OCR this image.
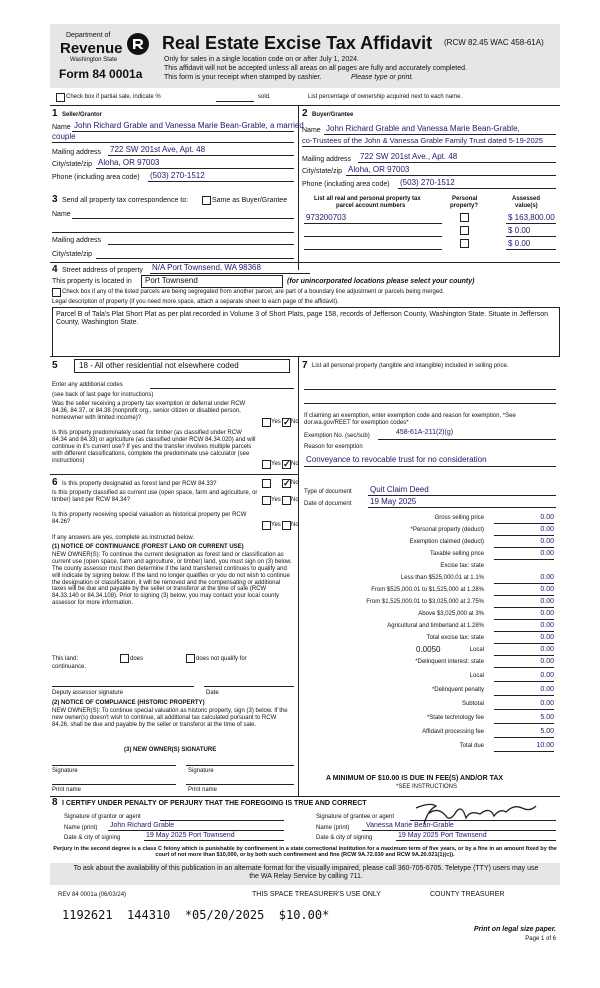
Department of
Revenue
Washington State
Form 84 0001a
Real Estate Excise Tax Affidavit (RCW 82.45 WAC 458-61A)
Only for sales in a single location code on or after July 1, 2024.
This affidavit will not be accepted unless all areas on all pages are fully and accurately completed.
This form is your receipt when stamped by cashier.	Please type or print.
Check box if partial sale, indicate %	sold.	List percentage of ownership acquired next to each name.
1 Seller/Grantor
Name John Richard Grable and Vanessa Marie Bean-Grable, a married
couple
Mailing address 722 SW 201st Ave, Apt. 48
City/state/zip Aloha, OR 97003
Phone (including area code) (503) 270-1512
2 Buyer/Grantee
Name John Richard Grable and Vanessa Marie Bean-Grable,
co-Trustees of the John & Vanessa Grable Family Trust dated 5-19-2025
Mailing address 722 SW 201st Ave., Apt. 48
City/state/zip Aloha, OR 97003
Phone (including area code) (503) 270-1512
3 Send all property tax correspondence to:	Same as Buyer/Grantee
Name
Mailing address
City/state/zip
List all real and personal property tax
parcel account numbers
Personal
property?
Assessed
value(s)
973200703	$ 163,800.00
$ 0.00
$ 0.00
4 Street address of property N/A Port Townsend, WA 98368
This property is located in Port Townsend	(for unincorporated locations please select your county)
Check box if any of the listed parcels are being segregated from another parcel, are part of a boundary line adjustment or parcels being merged.
Legal description of property (if you need more space, attach a separate sheet to each page of the affidavit).
Parcel B of Tala's Plat Short Plat as per plat recorded in Volume 3 of Short Plats, page 158, records of Jefferson County, Washington State. Situate in Jefferson County, Washington State.
5	18 - All other residential not elsewhere coded
Enter any additional codes
(see back of last page for instructions)
Was the seller receiving a property tax exemption or deferral under RCW 84.36, 84.37, or 84.38 (nonprofit org., senior citizen or disabled person, homeowner with limited income)?
Yes ✓ No
Is this property predominately used for timber (as classified under RCW 84.34 and 84.33) or agriculture (as classified under RCW 84.34.020) and will continue in it's current use? If yes and the transfer involves multiple parcels with different classifications, complete the predominate use calculator (see instructions)
Yes ✓ No
6 Is this property designated as forest land per RCW 84.33? ✓	No
Is this property classified as current use (open space, farm and agriculture, or timber) land per RCW 84.34?	Yes No
Is this property receiving special valuation as historical property per RCW 84.26?
Yes No
If any answers are yes, complete as instructed below.
(1) NOTICE OF CONTINUANCE (FOREST LAND OR CURRENT USE)
NEW OWNER(S): To continue the current designation as forest land or classification as current use (open space, farm and agriculture, or timber) land, you must sign on (3) below. The county assessor must then determine if the land transferred continues to qualify and will indicate by signing below. If the land no longer qualifies or you do not wish to continue the designation or classification, it will be removed and the compensating or additional taxes will be due and payable by the seller or transferor at the time of sale (RCW 84.33.140 or 84.34.108). Prior to signing (3) below, you may contact your local county assessor for more information.
This land:	does	does not qualify for
continuance.
Deputy assessor signature	Date
(2) NOTICE OF COMPLIANCE (HISTORIC PROPERTY)
NEW OWNER(S): To continue special valuation as historic property, sign (3) below. If the new owner(s) doesn't wish to continue, all additional tax calculated pursuant to RCW 84.26, shall be due and payable by the seller or transferor at the time of sale.
(3) NEW OWNER(S) SIGNATURE
Signature	Signature
Print name	Print name
7 List all personal property (tangible and intangible) included in selling price.
If claiming an exemption, enter exemption code and reason for exemption. *See dor.wa.gov/REET for exemption codes*
Exemption No. (sec/sub)	458-61A-211(2)(g)
Reason for exemption
Conveyance to revocable trust for no consideration
Type of document Quit Claim Deed
Date of document 19 May 2025
Gross selling price	0.00
*Personal property (deduct)	0.00
Exemption claimed (deduct)	0.00
Taxable selling price	0.00
Excise tax: state
Less than $525,000.01 at 1.1%	0.00
From $525,000.01 to $1,525,000 at 1.28%	0.00
From $1,525,000.01 to $3,025,000 at 2.75%	0.00
Above $3,025,000 at 3%	0.00
Agricultural and timberland at 1.28%	0.00
Total excise tax: state	0.00
0.0050	Local	0.00
*Delinquent interest: state	0.00
Local	0.00
*Delinquent penalty	0.00
Subtotal	0.00
*State technology fee	5.00
Affidavit processing fee	5.00
Total due	10.00
A MINIMUM OF $10.00 IS DUE IN FEE(S) AND/OR TAX
*SEE INSTRUCTIONS
8 I CERTIFY UNDER PENALTY OF PERJURY THAT THE FOREGOING IS TRUE AND CORRECT
Signature of grantor or agent
Name (print) John Richard Grable
Date & city of signing	19 May 2025 Port Townsend
Signature of grantee or agent
Name (print) Vanessa Marie Bean-Grable
Date & city of signing	19 May 2025 Port Townsend
Perjury in the second degree is a class C felony which is punishable by confinement in a state correctional institution for a maximum term of five years, or by a fine in an amount fixed by the court of not more than $10,000, or by both such confinement and fine (RCW 9A.72.030 and RCW 9A.20.021(1)(c)).
To ask about the availability of this publication in an alternate format for the visually impaired, please call 360-705-6705. Teletype (TTY) users may use the WA Relay Service by calling 711.
REV 84 0001a (06/03/24)	THIS SPACE TREASURER'S USE ONLY	COUNTY TREASURER
1192621  144310  *05/20/2025  $10.00*
Print on legal size paper.
Page 1 of 6
